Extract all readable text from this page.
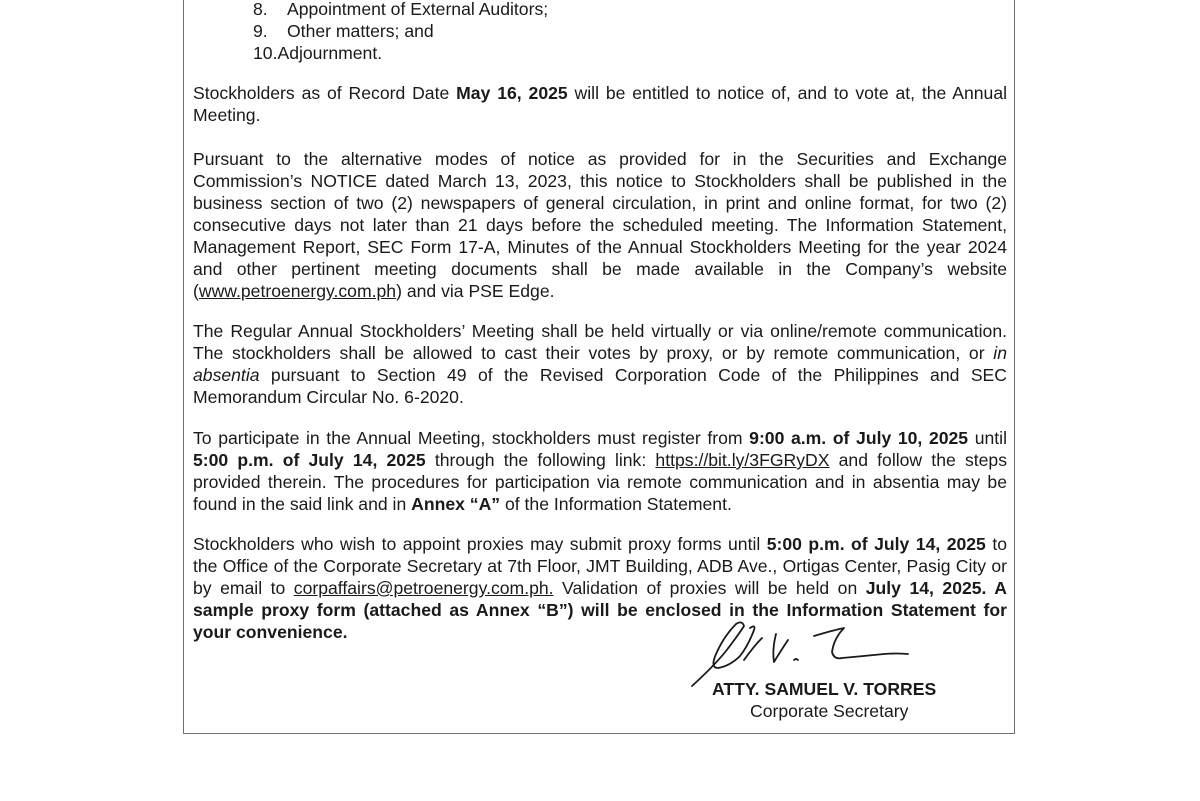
8. Appointment of External Auditors;
9. Other matters; and
10.Adjournment.

Stockholders as of Record Date May 16, 2025 will be entitled to notice of, and to vote at, the Annual Meeting.

Pursuant to the alternative modes of notice as provided for in the Securities and Exchange Commission’s NOTICE dated March 13, 2023, this notice to Stockholders shall be published in the business section of two (2) newspapers of general circulation, in print and online format, for two (2) consecutive days not later than 21 days before the scheduled meeting. The Information Statement, Management Report, SEC Form 17-A, Minutes of the Annual Stockholders Meeting for the year 2024 and other pertinent meeting documents shall be made available in the Company’s website (www.petroenergy.com.ph) and via PSE Edge.

The Regular Annual Stockholders’ Meeting shall be held virtually or via online/remote communication. The stockholders shall be allowed to cast their votes by proxy, or by remote communication, or in absentia pursuant to Section 49 of the Revised Corporation Code of the Philippines and SEC Memorandum Circular No. 6-2020.

To participate in the Annual Meeting, stockholders must register from 9:00 a.m. of July 10, 2025 until 5:00 p.m. of July 14, 2025 through the following link: https://bit.ly/3FGRyDX and follow the steps provided therein. The procedures for participation via remote communication and in absentia may be found in the said link and in Annex “A” of the Information Statement.

Stockholders who wish to appoint proxies may submit proxy forms until 5:00 p.m. of July 14, 2025 to the Office of the Corporate Secretary at 7th Floor, JMT Building, ADB Ave., Ortigas Center, Pasig City or by email to corpaffairs@petroenergy.com.ph. Validation of proxies will be held on July 14, 2025. A sample proxy form (attached as Annex “B”) will be enclosed in the Information Statement for your convenience.

ATTY. SAMUEL V. TORRES
Corporate Secretary
